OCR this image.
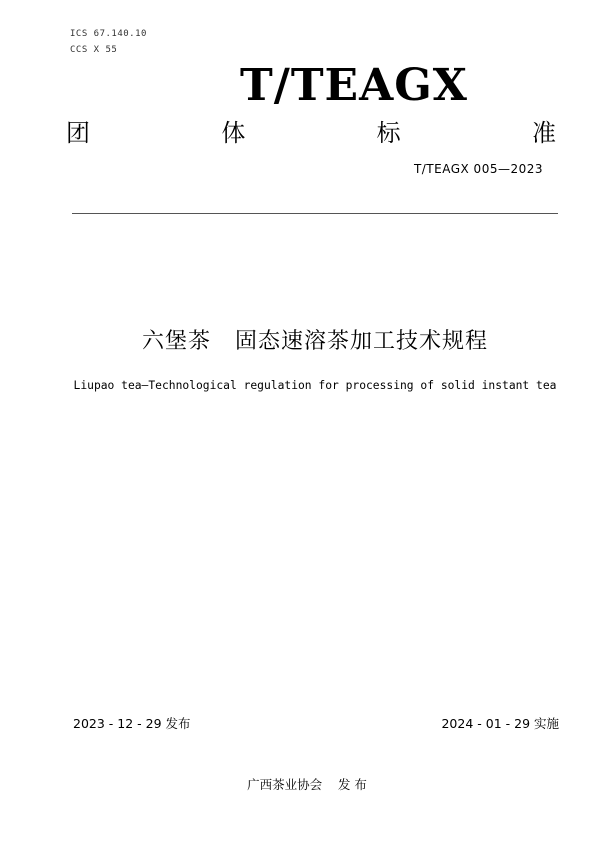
ICS 67.140.10
CCS X 55
T/TEAGX
团	体	标	准
T/TEAGX 005—2023
六堡茶   固态速溶茶加工技术规程
Liupao tea—Technological regulation for processing of solid instant tea
2023 - 12 - 29 发布	2024 - 01 - 29 实施
广西茶业协会    发 布
